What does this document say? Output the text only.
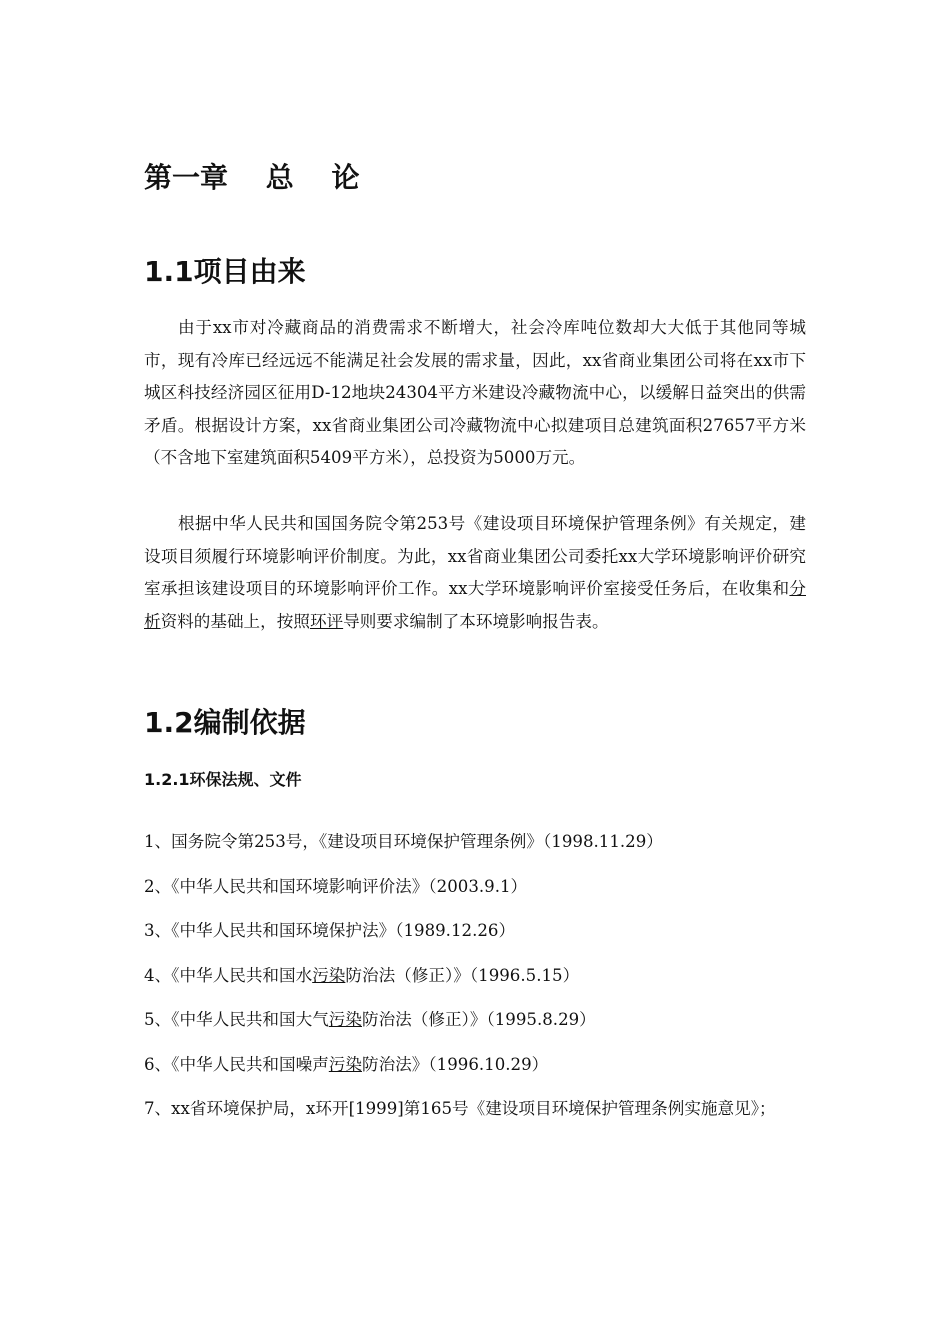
第一章　 总　 论
1.1项目由来

由于xx市对冷藏商品的消费需求不断增大，社会冷库吨位数却大大低于其他同等城市，现有冷库已经远远不能满足社会发展的需求量，因此，xx省商业集团公司将在xx市下城区科技经济园区征用D-12地块24304平方米建设冷藏物流中心，以缓解日益突出的供需矛盾。根据设计方案，xx省商业集团公司冷藏物流中心拟建项目总建筑面积27657平方米（不含地下室建筑面积5409平方米），总投资为5000万元。

根据中华人民共和国国务院令第253号《建设项目环境保护管理条例》有关规定，建设项目须履行环境影响评价制度。为此，xx省商业集团公司委托xx大学环境影响评价研究室承担该建设项目的环境影响评价工作。xx大学环境影响评价室接受任务后，在收集和分析资料的基础上，按照环评导则要求编制了本环境影响报告表。

1.2编制依据
1.2.1环保法规、文件
1、国务院令第253号，《建设项目环境保护管理条例》（1998.11.29）
2、《中华人民共和国环境影响评价法》（2003.9.1）
3、《中华人民共和国环境保护法》（1989.12.26）
4、《中华人民共和国水污染防治法（修正）》（1996.5.15）
5、《中华人民共和国大气污染防治法（修正）》（1995.8.29）
6、《中华人民共和国噪声污染防治法》（1996.10.29）
7、xx省环境保护局，x环开[1999]第165号《建设项目环境保护管理条例实施意见》；
